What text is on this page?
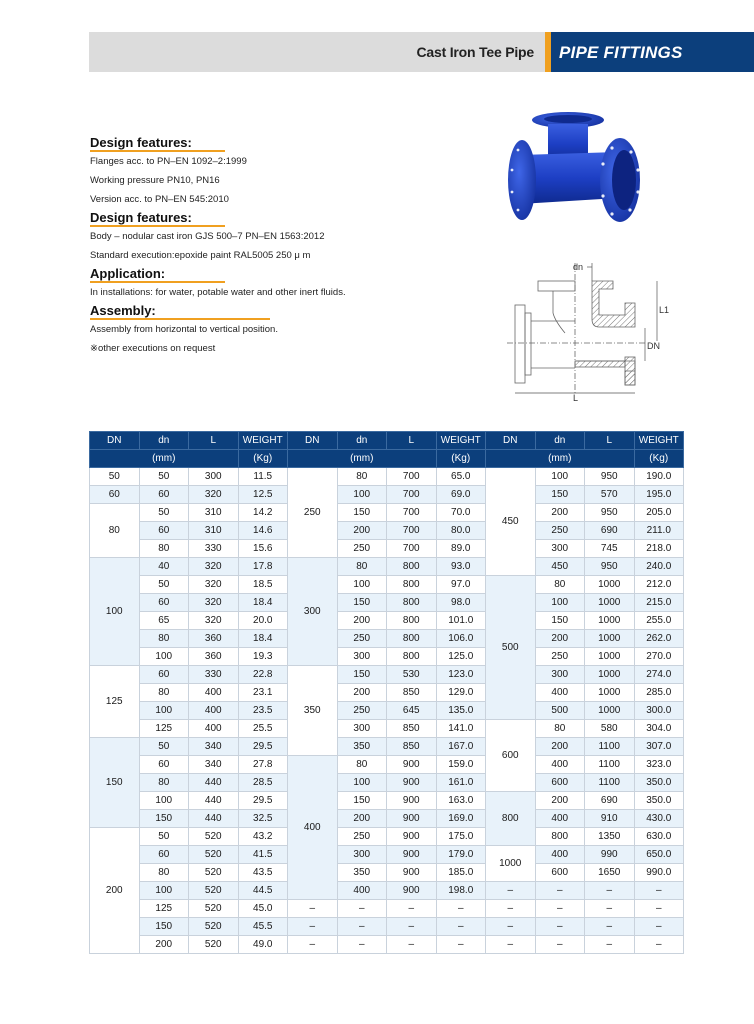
Cast Iron Tee Pipe	PIPE FITTINGS
Design features:
Flanges acc. to PN–EN 1092–2:1999
Working pressure PN10, PN16
Version acc. to PN–EN 545:2010
Design features:
Body – nodular cast iron GJS 500–7 PN–EN 1563:2012
Standard execution:epoxide paint RAL5005 250 μ m
Application:
In installations: for water, potable water and other inert fluids.
Assembly:
Assembly from horizontal to vertical position.
※other executions on request
dn
L
L1
DN
DN	dn	L	WEIGHT	DN	dn	L	WEIGHT	DN	dn	L	WEIGHT
(mm)			(Kg)	(mm)			(Kg)	(mm)			(Kg)
50	50	300	11.5	250	80	700	65.0	450	100	950	190.0
60	60	320	12.5		100	700	69.0		150	570	195.0
80	50	310	14.2		150	700	70.0		200	950	205.0
	60	310	14.6		200	700	80.0		250	690	211.0
	80	330	15.6		250	700	89.0		300	745	218.0
100	40	320	17.8	300	80	800	93.0		450	950	240.0
	50	320	18.5		100	800	97.0	500	80	1000	212.0
	60	320	18.4		150	800	98.0		100	1000	215.0
	65	320	20.0		200	800	101.0		150	1000	255.0
	80	360	18.4		250	800	106.0		200	1000	262.0
	100	360	19.3		300	800	125.0		250	1000	270.0
125	60	330	22.8	350	150	530	123.0		300	1000	274.0
	80	400	23.1		200	850	129.0		400	1000	285.0
	100	400	23.5		250	645	135.0		500	1000	300.0
	125	400	25.5		300	850	141.0	600	80	580	304.0
150	50	340	29.5		350	850	167.0		200	1100	307.0
	60	340	27.8	400	80	900	159.0		400	1100	323.0
	80	440	28.5		100	900	161.0		600	1100	350.0
	100	440	29.5		150	900	163.0	800	200	690	350.0
	150	440	32.5		200	900	169.0		400	910	430.0
200	50	520	43.2		250	900	175.0		800	1350	630.0
	60	520	41.5		300	900	179.0	1000	400	990	650.0
	80	520	43.5		350	900	185.0		600	1650	990.0
	100	520	44.5		400	900	198.0	–	–	–	–
	125	520	45.0	–	–	–	–	–	–	–	–
	150	520	45.5	–	–	–	–	–	–	–	–
	200	520	49.0	–	–	–	–	–	–	–	–
